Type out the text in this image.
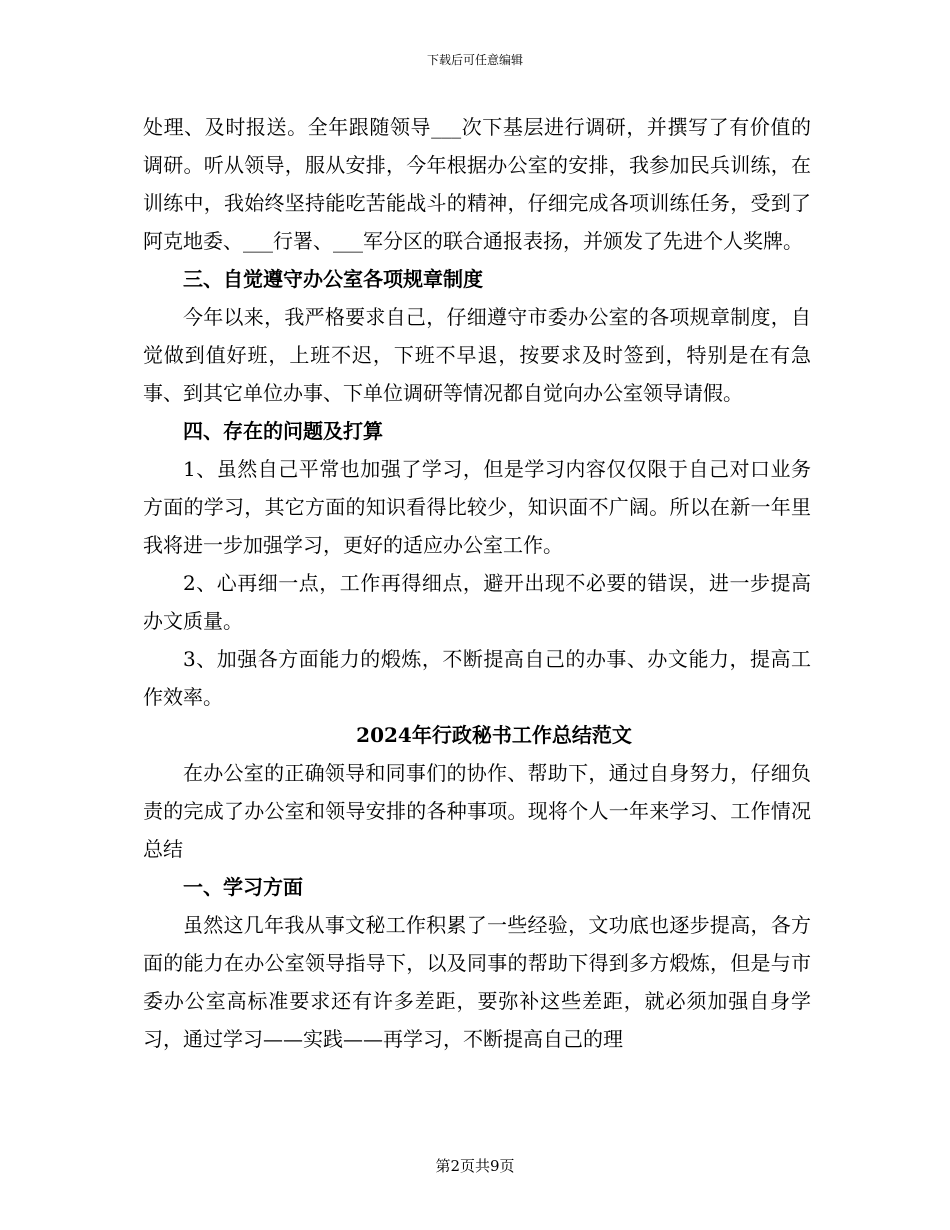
下载后可任意编辑

处理、及时报送。全年跟随领导___次下基层进行调研，并撰写了有价值的调研。听从领导，服从安排，今年根据办公室的安排，我参加民兵训练，在训练中，我始终坚持能吃苦能战斗的精神，仔细完成各项训练任务，受到了阿克地委、___行署、___军分区的联合通报表扬，并颁发了先进个人奖牌。

三、自觉遵守办公室各项规章制度

今年以来，我严格要求自己，仔细遵守市委办公室的各项规章制度，自觉做到值好班，上班不迟，下班不早退，按要求及时签到，特别是在有急事、到其它单位办事、下单位调研等情况都自觉向办公室领导请假。

四、存在的问题及打算

1、虽然自己平常也加强了学习，但是学习内容仅仅限于自己对口业务方面的学习，其它方面的知识看得比较少，知识面不广阔。所以在新一年里我将进一步加强学习，更好的适应办公室工作。

2、心再细一点，工作再得细点，避开出现不必要的错误，进一步提高办文质量。

3、加强各方面能力的煅炼，不断提高自己的办事、办文能力，提高工作效率。

2024年行政秘书工作总结范文

在办公室的正确领导和同事们的协作、帮助下，通过自身努力，仔细负责的完成了办公室和领导安排的各种事项。现将个人一年来学习、工作情况总结

一、学习方面

虽然这几年我从事文秘工作积累了一些经验，文功底也逐步提高，各方面的能力在办公室领导指导下，以及同事的帮助下得到多方煅炼，但是与市委办公室高标准要求还有许多差距，要弥补这些差距，就必须加强自身学习，通过学习——实践——再学习，不断提高自己的理

第2页共9页
